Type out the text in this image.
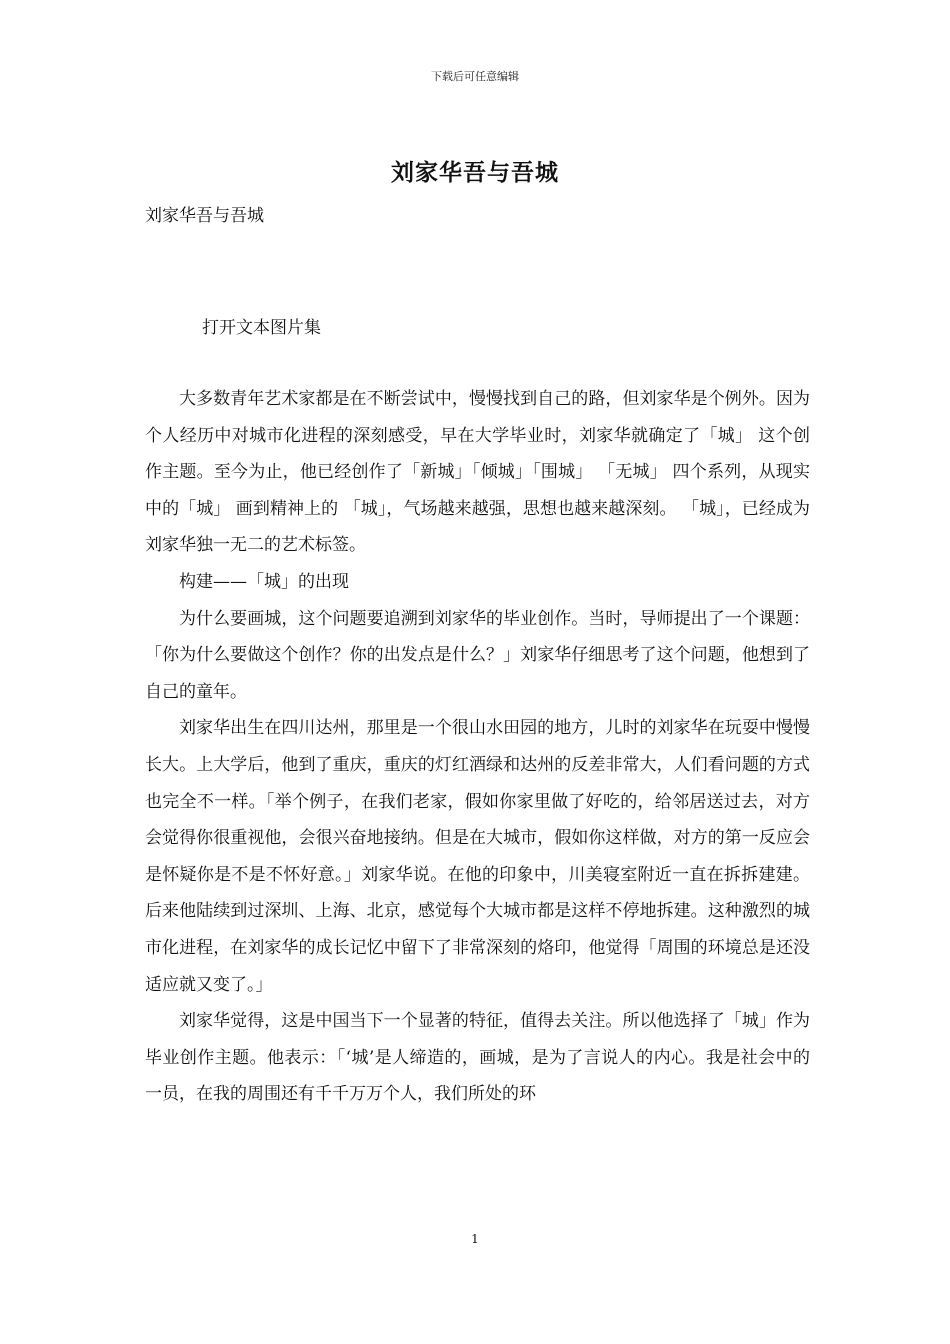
下载后可任意编辑
刘家华吾与吾城
刘家华吾与吾城
打开文本图片集

大多数青年艺术家都是在不断尝试中，慢慢找到自己的路，但刘家华是个例外。因为个人经历中对城市化进程的深刻感受，早在大学毕业时，刘家华就确定了「城」 这个创作主题。至今为止，他已经创作了「新城」「倾城」「围城」 「无城」 四个系列，从现实中的「城」 画到精神上的 「城」，气场越来越强，思想也越来越深刻。 「城」，已经成为刘家华独一无二的艺术标签。

构建——「城」的出现

为什么要画城，这个问题要追溯到刘家华的毕业创作。当时，导师提出了一个课题：「你为什么要做这个创作？你的出发点是什么？」刘家华仔细思考了这个问题，他想到了自己的童年。

刘家华出生在四川达州，那里是一个很山水田园的地方，儿时的刘家华在玩耍中慢慢长大。上大学后，他到了重庆，重庆的灯红酒绿和达州的反差非常大，人们看问题的方式也完全不一样。「举个例子，在我们老家，假如你家里做了好吃的，给邻居送过去，对方会觉得你很重视他，会很兴奋地接纳。但是在大城市，假如你这样做，对方的第一反应会是怀疑你是不是不怀好意。」刘家华说。在他的印象中，川美寝室附近一直在拆拆建建。后来他陆续到过深圳、上海、北京，感觉每个大城市都是这样不停地拆建。这种激烈的城市化进程，在刘家华的成长记忆中留下了非常深刻的烙印，他觉得「周围的环境总是还没适应就又变了。」

刘家华觉得，这是中国当下一个显著的特征，值得去关注。所以他选择了「城」作为毕业创作主题。他表示：「‘城’是人缔造的，画城，是为了言说人的内心。我是社会中的一员，在我的周围还有千千万万个人，我们所处的环

1
